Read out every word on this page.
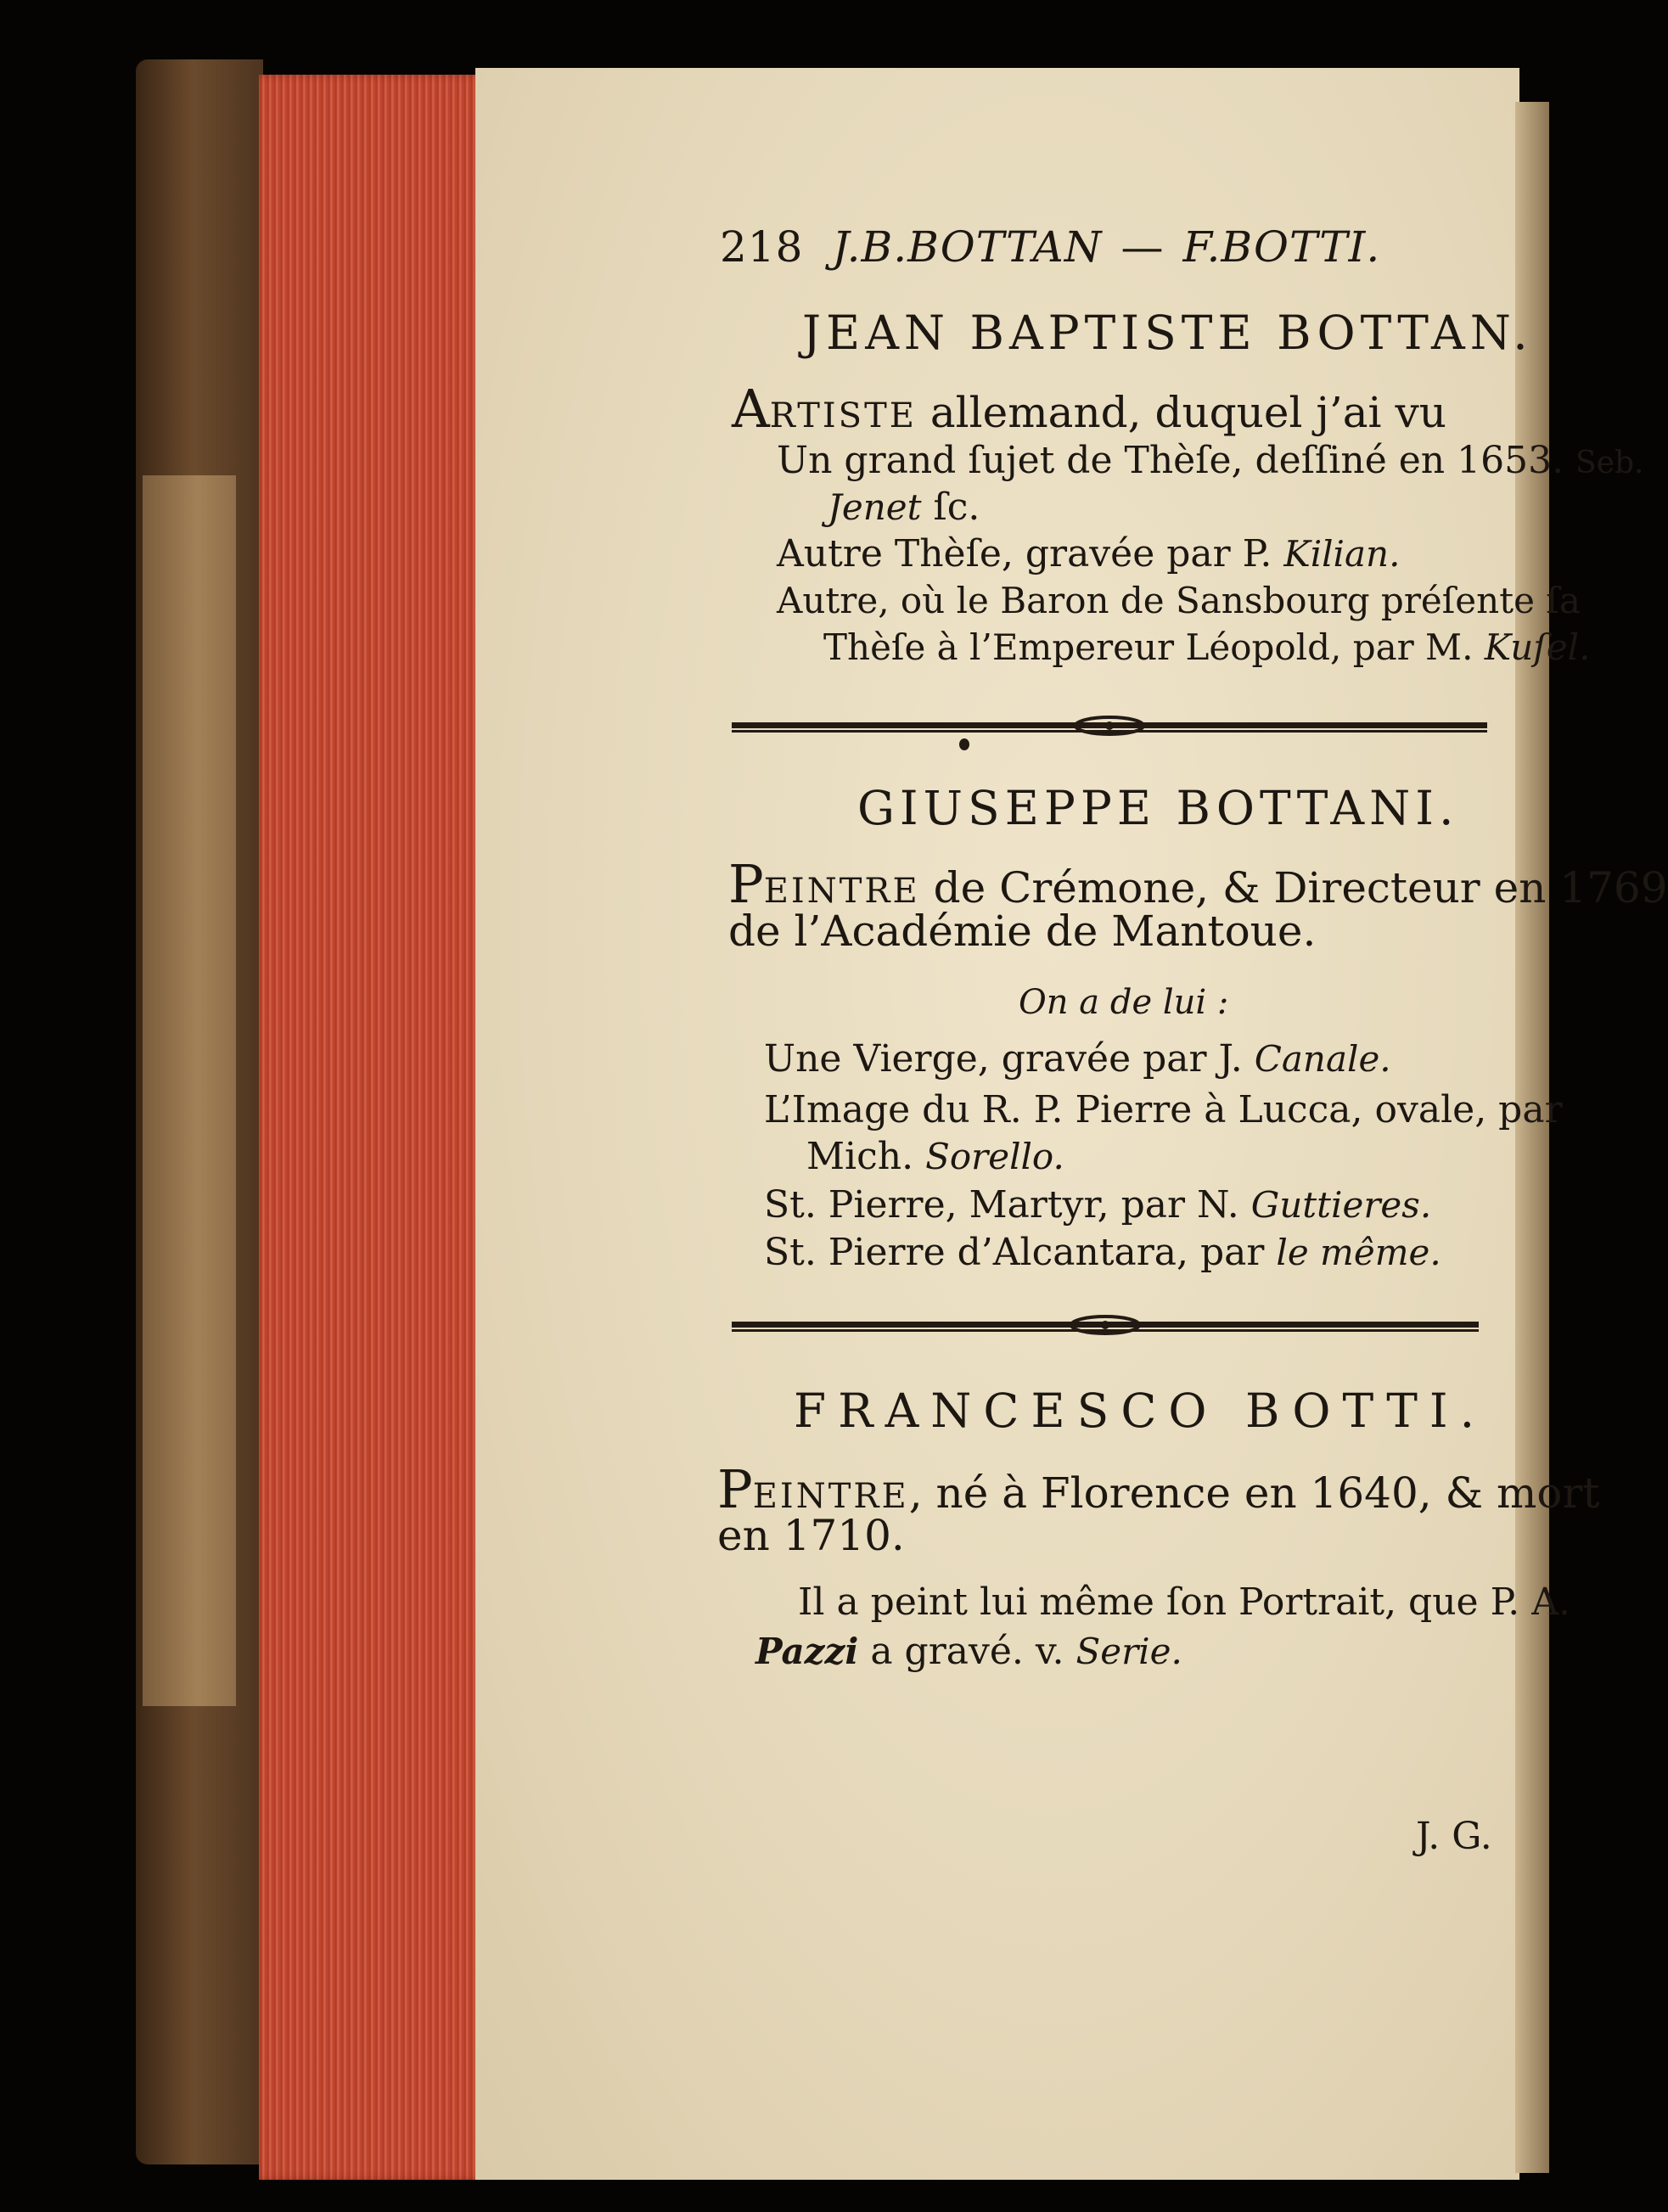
218 J.B.BOTTAN — F.BOTTI.
JEAN BAPTISTE BOTTAN.
ARTISTE allemand, duquel j’ai vu
Un grand ſujet de Thèſe, deſſiné en 1653. Seb.
Jenet ſc.
Autre Thèſe, gravée par P. Kilian.
Autre, où le Baron de Sansbourg préſente ſa
Thèſe à l’Empereur Léopold, par M. Kuſel.
GIUSEPPE BOTTANI.
PEINTRE de Crémone, & Directeur en 1769
de l’Académie de Mantoue.
On a de lui :
Une Vierge, gravée par J. Canale.
L’Image du R. P. Pierre à Lucca, ovale, par
Mich. Sorello.
St. Pierre, Martyr, par N. Guttieres.
St. Pierre d’Alcantara, par le même.
FRANCESCO BOTTI.
PEINTRE, né à Florence en 1640, & mort
en 1710.
Il a peint lui même ſon Portrait, que P. A.
Pazzi a gravé. v. Serie.
J. G.
